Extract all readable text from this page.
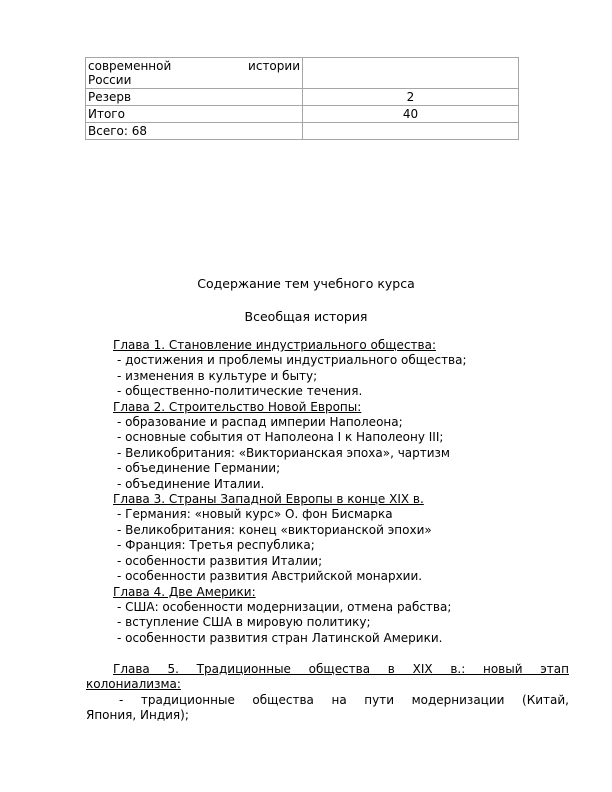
современной истории
России	

Резерв	2
Итого	40
Всего: 68	
Содержание тем учебного курса
Всеобщая история
Глава 1. Становление индустриального общества:
- достижения и проблемы индустриального общества;
- изменения в культуре и быту;
- общественно-политические течения.
Глава 2. Строительство Новой Европы:
- образование и распад империи Наполеона;
- основные события от Наполеона I к Наполеону III;
- Великобритания: «Викторианская эпоха», чартизм
- объединение Германии;
- объединение Италии.
Глава 3. Страны Западной Европы в конце XIX в.
- Германия: «новый курс» О. фон Бисмарка
- Великобритания: конец «викторианской эпохи»
- Франция: Третья республика;
- особенности развития Италии;
- особенности развития Австрийской монархии.
Глава 4. Две Америки:
- США: особенности модернизации, отмена рабства;
- вступление США в мировую политику;
- особенности развития стран Латинской Америки.
Глава 5. Традиционные общества в XIX в.: новый этап
колониализма:
- традиционные общества на пути модернизации (Китай,
Япония, Индия);
